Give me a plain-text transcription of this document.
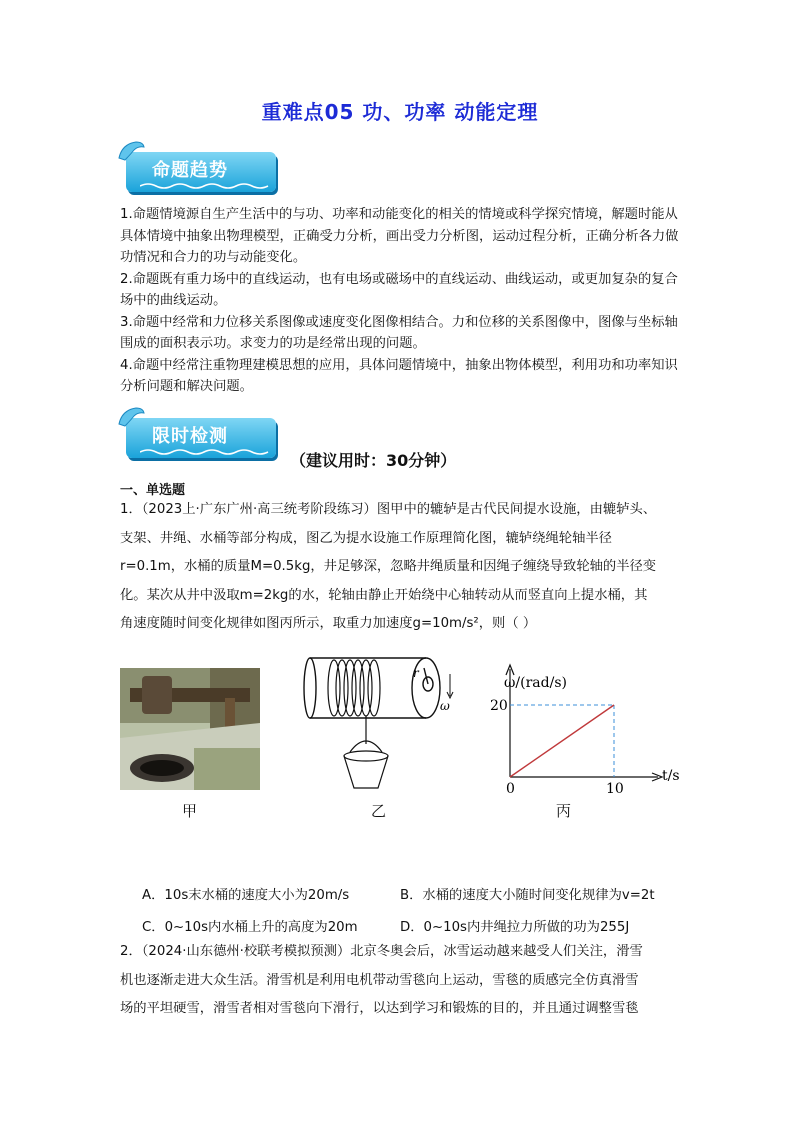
重难点05 功、功率 动能定理
命题趋势

1.命题情境源自生产生活中的与功、功率和动能变化的相关的情境或科学探究情境，解题时能从具体情境中抽象出物理模型，正确受力分析，画出受力分析图，运动过程分析，正确分析各力做功情况和合力的功与动能变化。

2.命题既有重力场中的直线运动，也有电场或磁场中的直线运动、曲线运动，或更加复杂的复合场中的曲线运动。

3.命题中经常和力位移关系图像或速度变化图像相结合。力和位移的关系图像中，图像与坐标轴围成的面积表示功。求变力的功是经常出现的问题。

4.命题中经常注重物理建模思想的应用，具体问题情境中，抽象出物体模型，利用功和功率知识分析问题和解决问题。

限时检测
（建议用时：30分钟）
一、单选题
1．（2023上·广东广州·高三统考阶段练习）图甲中的辘轳是古代民间提水设施，由辘轳头、
支架、井绳、水桶等部分构成，图乙为提水设施工作原理简化图，辘轳绕绳轮轴半径
r=0.1m，水桶的质量M=0.5kg，井足够深，忽略井绳质量和因绳子缠绕导致轮轴的半径变
化。某次从井中汲取m=2kg的水，轮轴由静止开始绕中心轴转动从而竖直向上提水桶，其
角速度随时间变化规律如图丙所示，取重力加速度g=10m/s²，则（ ）
甲
r
ω
乙
ω/(rad/s)
t/s
0	10
20
丙
A．10s末水桶的速度大小为20m/s	B．水桶的速度大小随时间变化规律为v=2t
C．0~10s内水桶上升的高度为20m	D．0~10s内井绳拉力所做的功为255J
2．（2024·山东德州·校联考模拟预测）北京冬奥会后，冰雪运动越来越受人们关注，滑雪
机也逐渐走进大众生活。滑雪机是利用电机带动雪毯向上运动，雪毯的质感完全仿真滑雪
场的平坦硬雪，滑雪者相对雪毯向下滑行，以达到学习和锻炼的目的，并且通过调整雪毯
